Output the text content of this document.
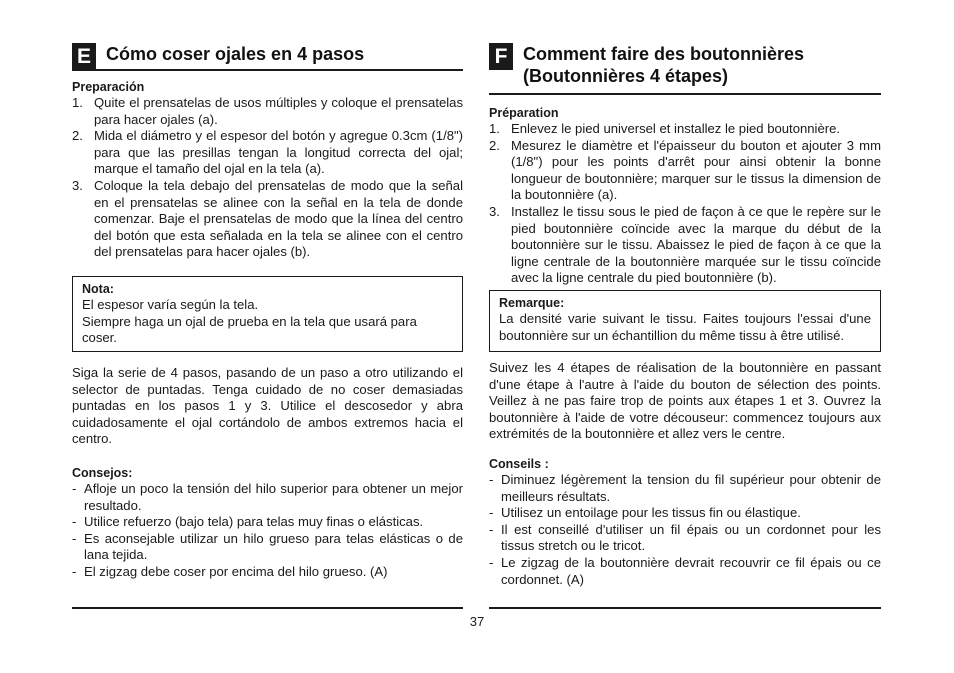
E Cómo coser ojales en 4 pasos

Preparación

1. Quite el prensatelas de usos múltiples y coloque el prensatelas para hacer ojales (a).
2. Mida el diámetro y el espesor del botón y agregue 0.3cm (1/8") para que las presillas tengan la longitud correcta del ojal; marque el tamaño del ojal en la tela (a).
3. Coloque la tela debajo del prensatelas de modo que la señal en el prensatelas se alinee con la señal en la tela de donde comenzar. Baje el prensatelas de modo que la línea del centro del botón que esta señalada en la tela se alinee con el centro del prensatelas para hacer ojales (b).

Nota:

El espesor varía según la tela.

Siempre haga un ojal de prueba en la tela que usará para coser.

Siga la serie de 4 pasos, pasando de un paso a otro utilizando el selector de puntadas. Tenga cuidado de no coser demasiadas puntadas en los pasos 1 y 3. Utilice el descosedor y abra cuidadosamente el ojal cortándolo de ambos extremos hacia el centro.

Consejos:

- Afloje un poco la tensión del hilo superior para obtener un mejor resultado.
- Utilice refuerzo (bajo tela) para telas muy finas o elásticas.
- Es aconsejable utilizar un hilo grueso para telas elásticas o de lana tejida.
- El zigzag debe coser por encima del hilo grueso. (A)
F Comment faire des boutonnières
(Boutonnières 4 étapes)

Préparation

1. Enlevez le pied universel et installez le pied boutonnière.
2. Mesurez le diamètre et l'épaisseur du bouton et ajouter 3 mm (1/8") pour les points d'arrêt pour ainsi obtenir la bonne longueur de boutonnière; marquer sur le tissus la dimension de la boutonnière (a).
3. Installez le tissu sous le pied de façon à ce que le repère sur le pied boutonnière coïncide avec la marque du début de la boutonnière sur le tissu. Abaissez le pied de façon à ce que la ligne centrale de la boutonnière marquée sur le tissu coïncide avec la ligne centrale du pied boutonnière (b).

Remarque:

La densité varie suivant le tissu. Faites toujours l'essai d'une boutonnière sur un échantillion du même tissu à être utilisé.

Suivez les 4 étapes de réalisation de la boutonnière en passant d'une étape à l'autre à l'aide du bouton de sélection des points. Veillez à ne pas faire trop de points aux étapes 1 et 3. Ouvrez la boutonnière à l'aide de votre découseur: commencez toujours aux extrémités de la boutonnière et allez vers le centre.

Conseils :

- Diminuez légèrement la tension du fil supérieur pour obtenir de meilleurs résultats.
- Utilisez un entoilage pour les tissus fin ou élastique.
- Il est conseillé d'utiliser un fil épais ou un cordonnet pour les tissus stretch ou le tricot.
- Le zigzag de la boutonnière devrait recouvrir ce fil épais ou ce cordonnet. (A)
37
